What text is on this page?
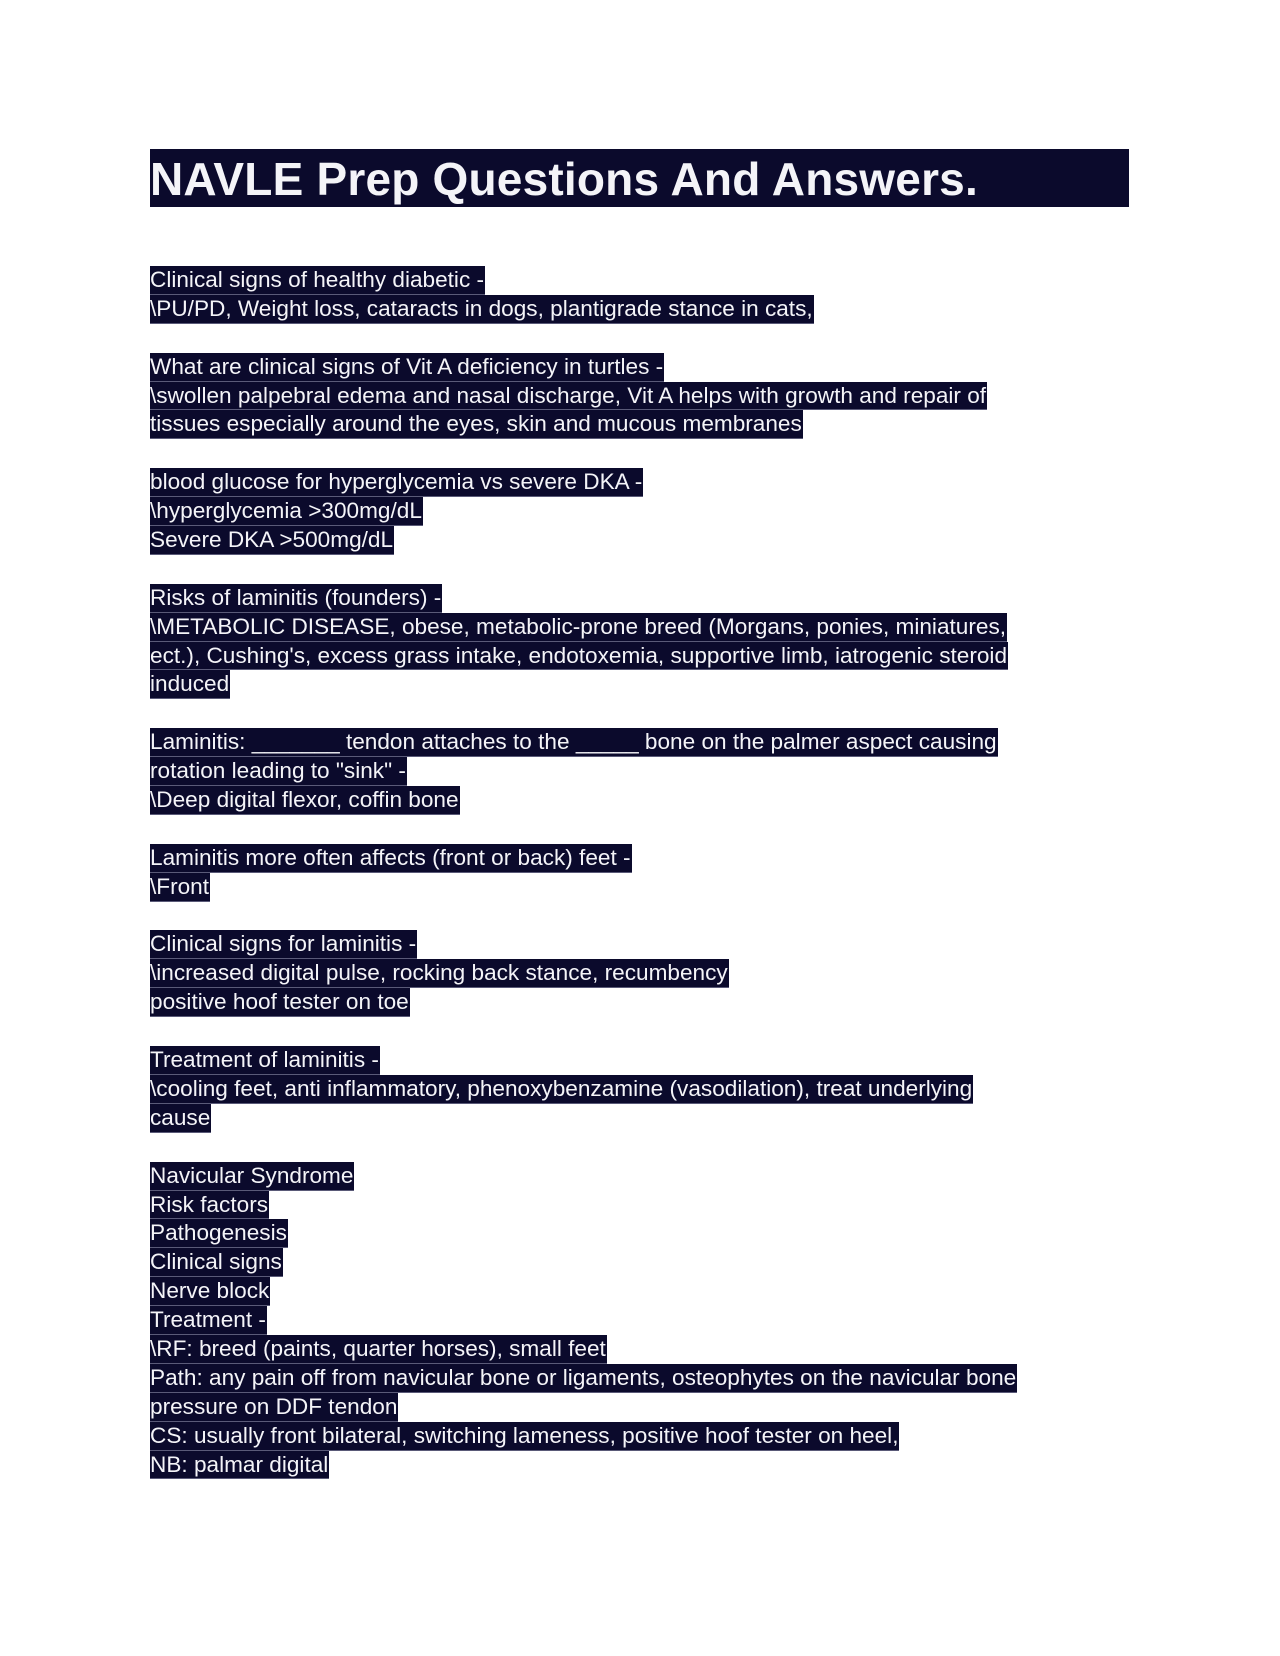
NAVLE Prep Questions And Answers.
Clinical signs of healthy diabetic -
\PU/PD, Weight loss, cataracts in dogs, plantigrade stance in cats,
What are clinical signs of Vit A deficiency in turtles -
\swollen palpebral edema and nasal discharge, Vit A helps with growth and repair of
tissues especially around the eyes, skin and mucous membranes
blood glucose for hyperglycemia vs severe DKA -
\hyperglycemia >300mg/dL
Severe DKA >500mg/dL
Risks of laminitis (founders) -
\METABOLIC DISEASE, obese, metabolic-prone breed (Morgans, ponies, miniatures,
ect.), Cushing's, excess grass intake, endotoxemia, supportive limb, iatrogenic steroid
induced
Laminitis: _______ tendon attaches to the _____ bone on the palmer aspect causing
rotation leading to "sink" -
\Deep digital flexor, coffin bone
Laminitis more often affects (front or back) feet -
\Front
Clinical signs for laminitis -
\increased digital pulse, rocking back stance, recumbency
positive hoof tester on toe
Treatment of laminitis -
\cooling feet, anti inflammatory, phenoxybenzamine (vasodilation), treat underlying
cause
Navicular Syndrome
Risk factors
Pathogenesis
Clinical signs
Nerve block
Treatment -
\RF: breed (paints, quarter horses), small feet
Path: any pain off from navicular bone or ligaments, osteophytes on the navicular bone
pressure on DDF tendon
CS: usually front bilateral, switching lameness, positive hoof tester on heel,
NB: palmar digital
